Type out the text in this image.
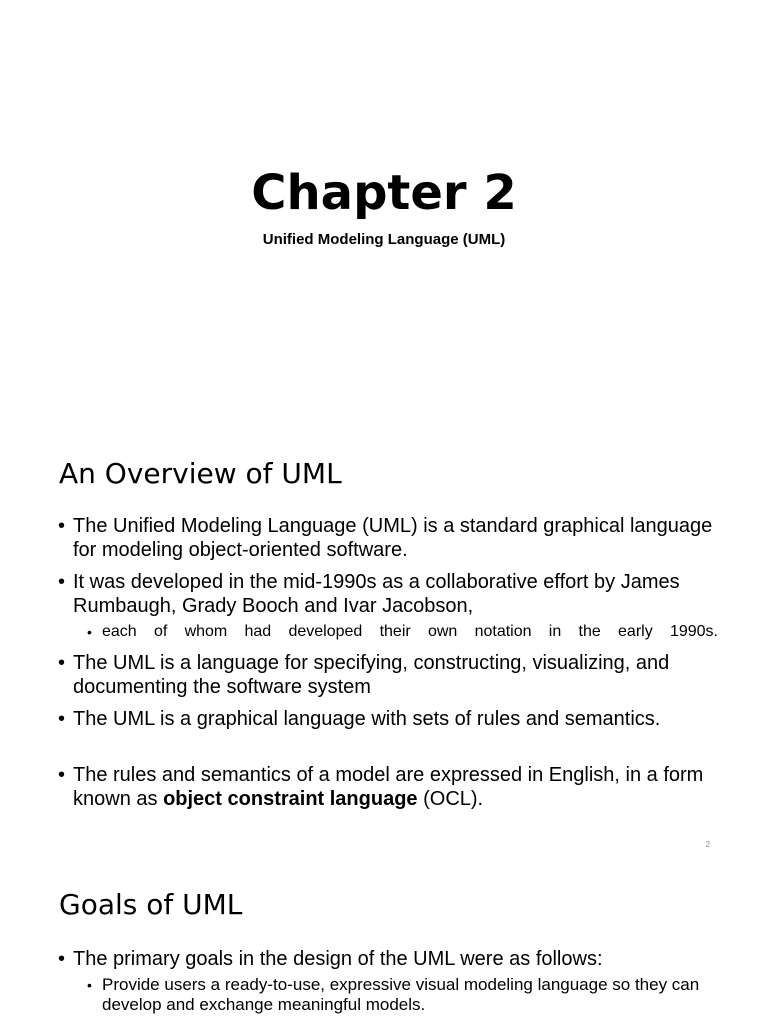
Chapter 2
Unified Modeling Language (UML)
An Overview of UML
• The Unified Modeling Language (UML) is a standard graphical language for modeling object-oriented software.
• It was developed in the mid-1990s as a collaborative effort by James Rumbaugh, Grady Booch and Ivar Jacobson,
• each of whom had developed their own notation in the early 1990s.
• The UML is a language for specifying, constructing, visualizing, and documenting the software system
• The UML is a graphical language with sets of rules and semantics.
• The rules and semantics of a model are expressed in English, in a form known as object constraint language (OCL).
2
Goals of UML
• The primary goals in the design of the UML were as follows:
• Provide users a ready-to-use, expressive visual modeling language so they can develop and exchange meaningful models.
